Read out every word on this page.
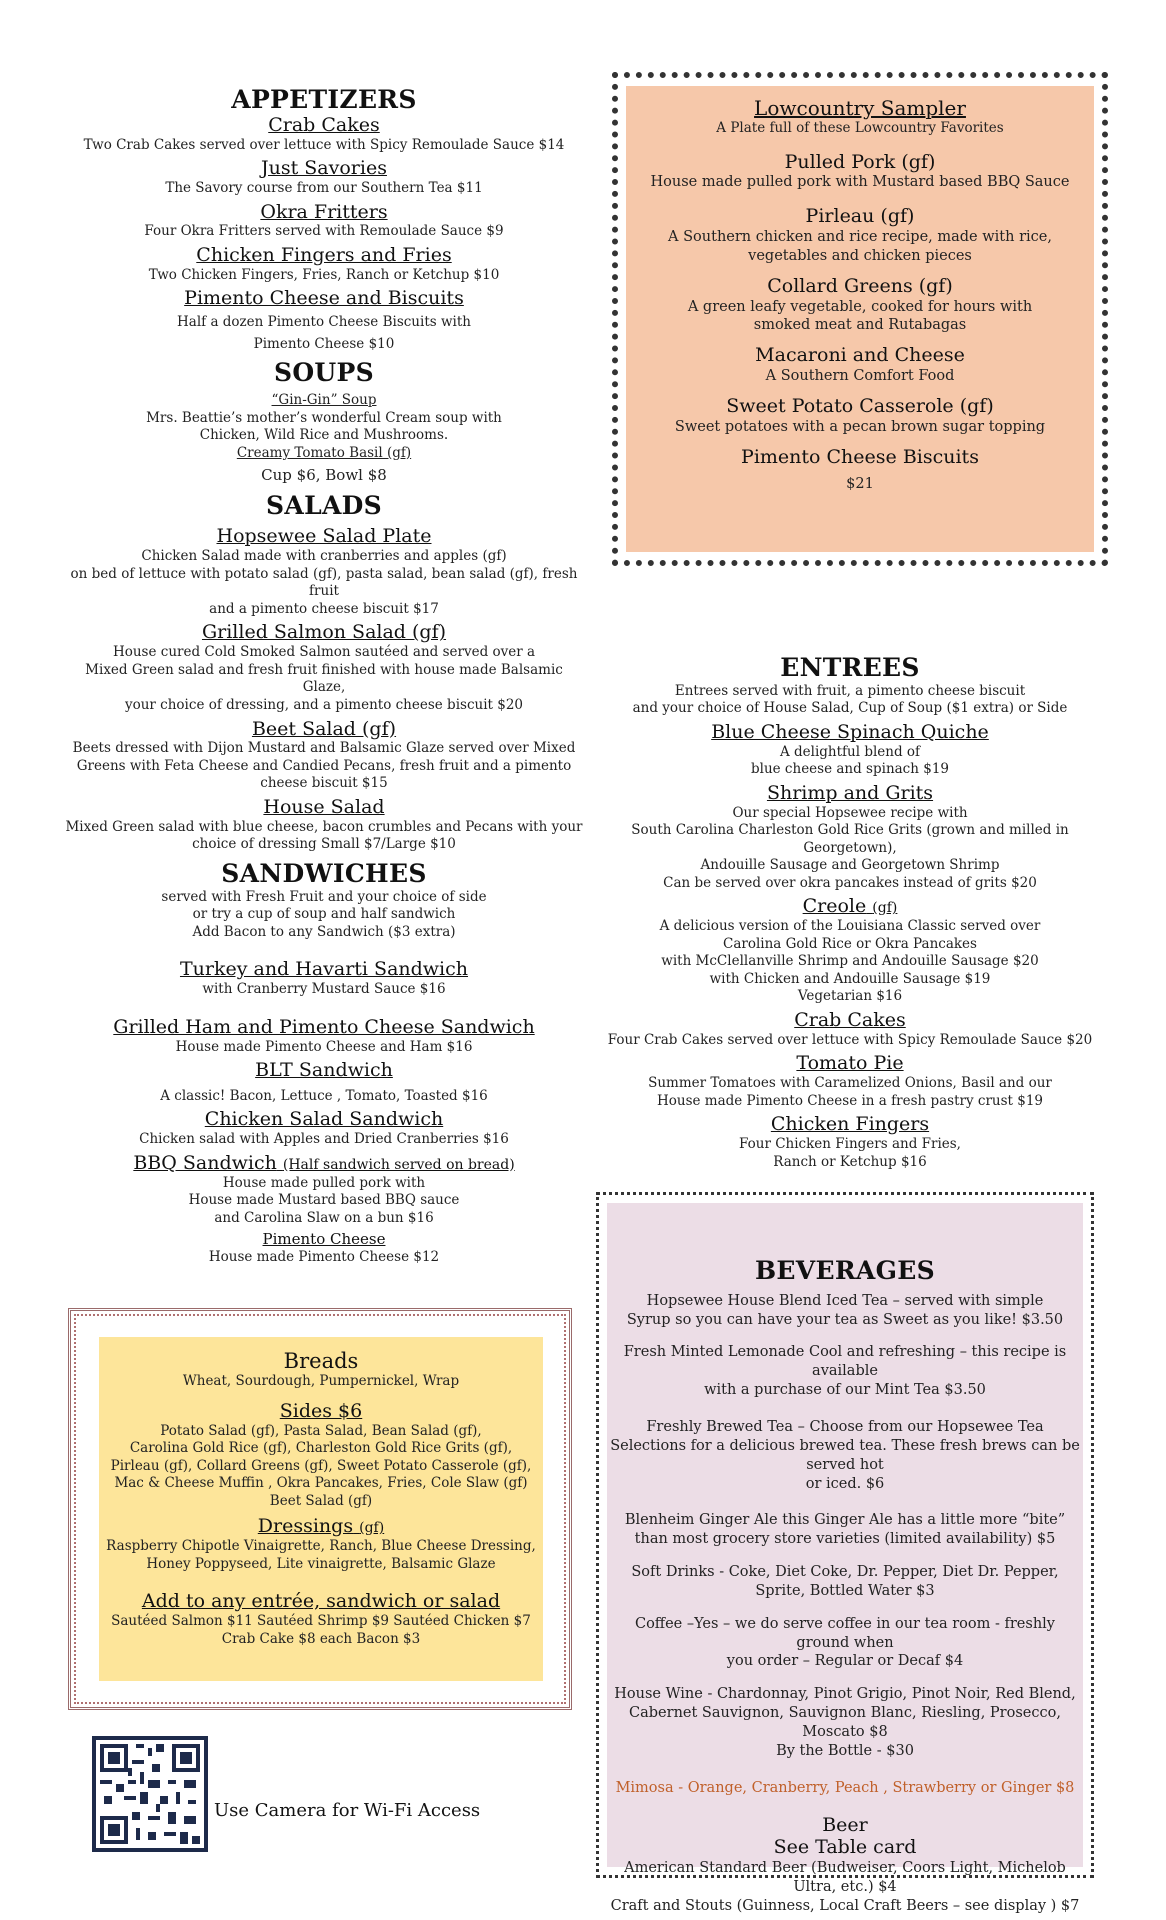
APPETIZERS

Crab Cakes

Two Crab Cakes served over lettuce with Spicy Remoulade Sauce $14

Just Savories

The Savory course from our Southern Tea $11

Okra Fritters

Four Okra Fritters served with Remoulade Sauce $9

Chicken Fingers and Fries

Two Chicken Fingers, Fries, Ranch or Ketchup $10

Pimento Cheese and Biscuits

Half a dozen Pimento Cheese Biscuits with

Pimento Cheese $10

SOUPS

“Gin-Gin” Soup

Mrs. Beattie’s mother’s wonderful Cream soup with

Chicken, Wild Rice and Mushrooms.

Creamy Tomato Basil (gf)

Cup $6, Bowl $8

SALADS

Hopsewee Salad Plate

Chicken Salad made with cranberries and apples (gf)

on bed of lettuce with potato salad (gf), pasta salad, bean salad (gf), fresh fruit

and a pimento cheese biscuit $17

Grilled Salmon Salad (gf)

House cured Cold Smoked Salmon sautéed and served over a

Mixed Green salad and fresh fruit finished with house made Balsamic Glaze,

your choice of dressing, and a pimento cheese biscuit $20

Beet Salad (gf)

Beets dressed with Dijon Mustard and Balsamic Glaze served over Mixed

Greens with Feta Cheese and Candied Pecans, fresh fruit and a pimento

cheese biscuit $15

House Salad

Mixed Green salad with blue cheese, bacon crumbles and Pecans with your

choice of dressing Small $7/Large $10

SANDWICHES

served with Fresh Fruit and your choice of side

or try a cup of soup and half sandwich

Add Bacon to any Sandwich ($3 extra)

Turkey and Havarti Sandwich

with Cranberry Mustard Sauce $16

Grilled Ham and Pimento Cheese Sandwich

House made Pimento Cheese and Ham $16

BLT Sandwich

A classic! Bacon, Lettuce , Tomato, Toasted $16

Chicken Salad Sandwich

Chicken salad with Apples and Dried Cranberries $16

BBQ Sandwich (Half sandwich served on bread)

House made pulled pork with

House made Mustard based BBQ sauce

and Carolina Slaw on a bun $16

Pimento Cheese

House made Pimento Cheese $12

Lowcountry Sampler

A Plate full of these Lowcountry Favorites

Pulled Pork (gf)

House made pulled pork with Mustard based BBQ Sauce

Pirleau (gf)

A Southern chicken and rice recipe, made with rice,

vegetables and chicken pieces

Collard Greens (gf)

A green leafy vegetable, cooked for hours with

smoked meat and Rutabagas

Macaroni and Cheese

A Southern Comfort Food

Sweet Potato Casserole (gf)

Sweet potatoes with a pecan brown sugar topping

Pimento Cheese Biscuits

$21

ENTREES

Entrees served with fruit, a pimento cheese biscuit

and your choice of House Salad, Cup of Soup ($1 extra) or Side

Blue Cheese Spinach Quiche

A delightful blend of

blue cheese and spinach $19

Shrimp and Grits

Our special Hopsewee recipe with

South Carolina Charleston Gold Rice Grits (grown and milled in Georgetown),

Andouille Sausage and Georgetown Shrimp

Can be served over okra pancakes instead of grits $20

Creole (gf)

A delicious version of the Louisiana Classic served over

Carolina Gold Rice or Okra Pancakes

with McClellanville Shrimp and Andouille Sausage $20

with Chicken and Andouille Sausage $19

Vegetarian $16

Crab Cakes

Four Crab Cakes served over lettuce with Spicy Remoulade Sauce $20

Tomato Pie

Summer Tomatoes with Caramelized Onions, Basil and our

House made Pimento Cheese in a fresh pastry crust $19

Chicken Fingers

Four Chicken Fingers and Fries,

Ranch or Ketchup $16

Breads

Wheat, Sourdough, Pumpernickel, Wrap

Sides $6

Potato Salad (gf), Pasta Salad, Bean Salad (gf),

Carolina Gold Rice (gf), Charleston Gold Rice Grits (gf),

Pirleau (gf), Collard Greens (gf), Sweet Potato Casserole (gf),

Mac & Cheese Muffin , Okra Pancakes, Fries, Cole Slaw (gf)

Beet Salad (gf)

Dressings (gf)

Raspberry Chipotle Vinaigrette, Ranch, Blue Cheese Dressing,

Honey Poppyseed, Lite vinaigrette, Balsamic Glaze

Add to any entrée, sandwich or salad

Sautéed Salmon $11 Sautéed Shrimp $9 Sautéed Chicken $7

Crab Cake $8 each Bacon $3

BEVERAGES

Hopsewee House Blend Iced Tea – served with simple

Syrup so you can have your tea as Sweet as you like! $3.50

Fresh Minted Lemonade Cool and refreshing – this recipe is available

with a purchase of our Mint Tea $3.50

Freshly Brewed Tea – Choose from our Hopsewee Tea

Selections for a delicious brewed tea. These fresh brews can be served hot

or iced. $6

Blenheim Ginger Ale this Ginger Ale has a little more “bite”

than most grocery store varieties (limited availability) $5

Soft Drinks - Coke, Diet Coke, Dr. Pepper, Diet Dr. Pepper,

Sprite, Bottled Water $3

Coffee –Yes – we do serve coffee in our tea room - freshly ground when

you order – Regular or Decaf $4

House Wine - Chardonnay, Pinot Grigio, Pinot Noir, Red Blend,

Cabernet Sauvignon, Sauvignon Blanc, Riesling, Prosecco, Moscato $8

By the Bottle - $30

Mimosa - Orange, Cranberry, Peach , Strawberry or Ginger $8

Beer

See Table card

American Standard Beer (Budweiser, Coors Light, Michelob Ultra, etc.) $4

Craft and Stouts (Guinness, Local Craft Beers – see display ) $7

Use Camera for Wi-Fi Access
